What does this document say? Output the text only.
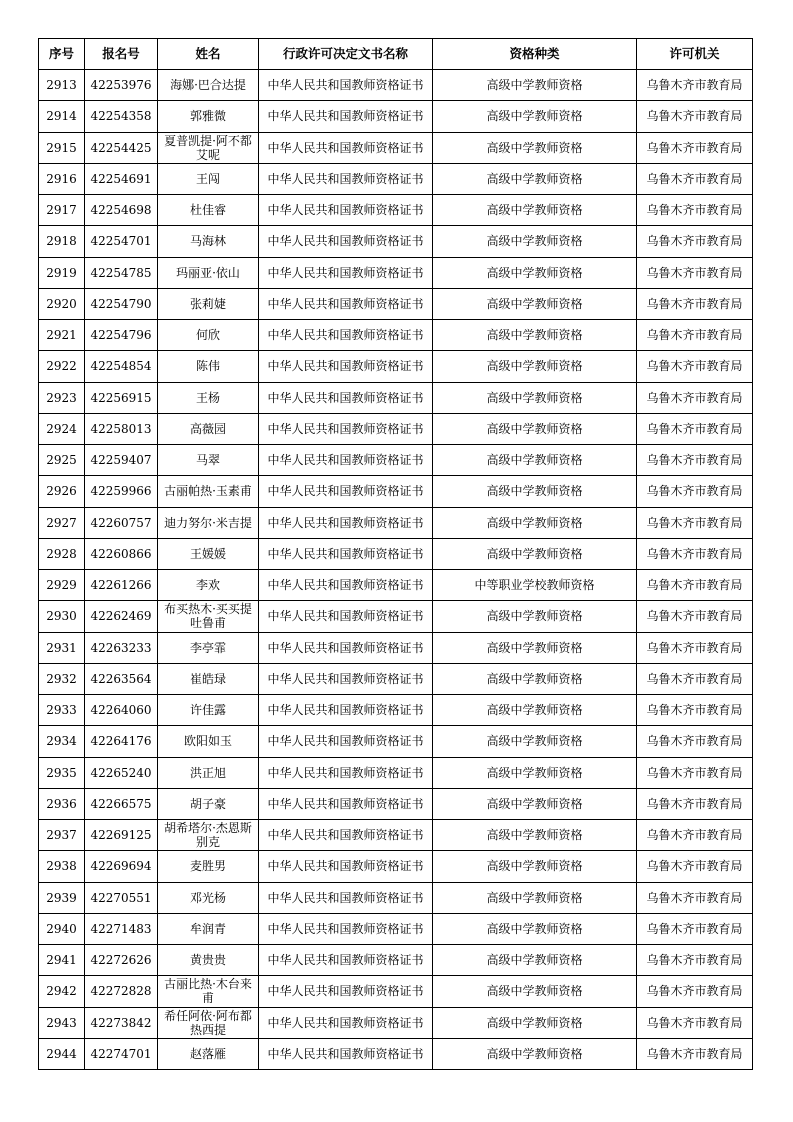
序号	报名号	姓名	行政许可决定文书名称	资格种类	许可机关
2913	42253976	海娜·巴合达提	中华人民共和国教师资格证书	高级中学教师资格	乌鲁木齐市教育局
2914	42254358	郭雅微	中华人民共和国教师资格证书	高级中学教师资格	乌鲁木齐市教育局
2915	42254425	夏普凯提·阿不都艾呢	中华人民共和国教师资格证书	高级中学教师资格	乌鲁木齐市教育局
2916	42254691	王闯	中华人民共和国教师资格证书	高级中学教师资格	乌鲁木齐市教育局
2917	42254698	杜佳睿	中华人民共和国教师资格证书	高级中学教师资格	乌鲁木齐市教育局
2918	42254701	马海林	中华人民共和国教师资格证书	高级中学教师资格	乌鲁木齐市教育局
2919	42254785	玛丽亚·依山	中华人民共和国教师资格证书	高级中学教师资格	乌鲁木齐市教育局
2920	42254790	张莉婕	中华人民共和国教师资格证书	高级中学教师资格	乌鲁木齐市教育局
2921	42254796	何欣	中华人民共和国教师资格证书	高级中学教师资格	乌鲁木齐市教育局
2922	42254854	陈伟	中华人民共和国教师资格证书	高级中学教师资格	乌鲁木齐市教育局
2923	42256915	王杨	中华人民共和国教师资格证书	高级中学教师资格	乌鲁木齐市教育局
2924	42258013	高薇园	中华人民共和国教师资格证书	高级中学教师资格	乌鲁木齐市教育局
2925	42259407	马翠	中华人民共和国教师资格证书	高级中学教师资格	乌鲁木齐市教育局
2926	42259966	古丽帕热·玉素甫	中华人民共和国教师资格证书	高级中学教师资格	乌鲁木齐市教育局
2927	42260757	迪力努尔·米吉提	中华人民共和国教师资格证书	高级中学教师资格	乌鲁木齐市教育局
2928	42260866	王媛媛	中华人民共和国教师资格证书	高级中学教师资格	乌鲁木齐市教育局
2929	42261266	李欢	中华人民共和国教师资格证书	中等职业学校教师资格	乌鲁木齐市教育局
2930	42262469	布买热木·买买提吐鲁甫	中华人民共和国教师资格证书	高级中学教师资格	乌鲁木齐市教育局
2931	42263233	李亭霏	中华人民共和国教师资格证书	高级中学教师资格	乌鲁木齐市教育局
2932	42263564	崔皓琭	中华人民共和国教师资格证书	高级中学教师资格	乌鲁木齐市教育局
2933	42264060	许佳露	中华人民共和国教师资格证书	高级中学教师资格	乌鲁木齐市教育局
2934	42264176	欧阳如玉	中华人民共和国教师资格证书	高级中学教师资格	乌鲁木齐市教育局
2935	42265240	洪正旭	中华人民共和国教师资格证书	高级中学教师资格	乌鲁木齐市教育局
2936	42266575	胡子豪	中华人民共和国教师资格证书	高级中学教师资格	乌鲁木齐市教育局
2937	42269125	胡希塔尔·杰恩斯别克	中华人民共和国教师资格证书	高级中学教师资格	乌鲁木齐市教育局
2938	42269694	麦胜男	中华人民共和国教师资格证书	高级中学教师资格	乌鲁木齐市教育局
2939	42270551	邓光杨	中华人民共和国教师资格证书	高级中学教师资格	乌鲁木齐市教育局
2940	42271483	牟润青	中华人民共和国教师资格证书	高级中学教师资格	乌鲁木齐市教育局
2941	42272626	黄贵贵	中华人民共和国教师资格证书	高级中学教师资格	乌鲁木齐市教育局
2942	42272828	古丽比热·木台来甫	中华人民共和国教师资格证书	高级中学教师资格	乌鲁木齐市教育局
2943	42273842	希任阿依·阿布都热西提	中华人民共和国教师资格证书	高级中学教师资格	乌鲁木齐市教育局
2944	42274701	赵落雁	中华人民共和国教师资格证书	高级中学教师资格	乌鲁木齐市教育局
